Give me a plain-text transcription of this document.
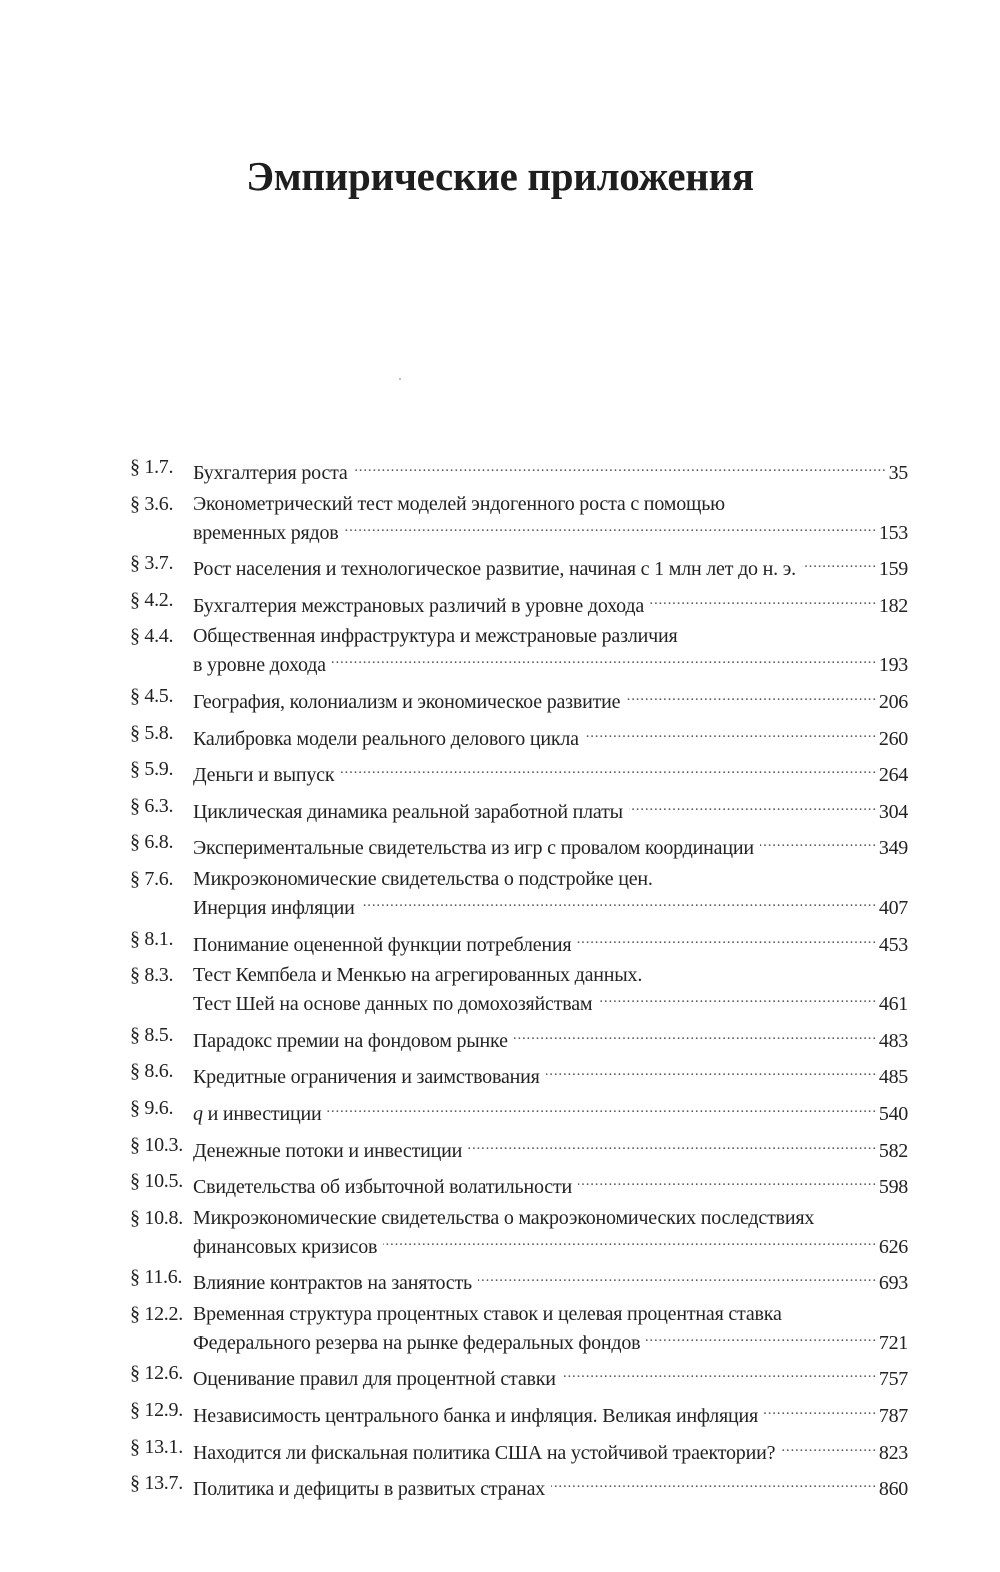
Эмпирические приложения
§ 1.7. Бухгалтерия роста .....	35
§ 3.6. Эконометрический тест моделей эндогенного роста с помощью
временных рядов .....	153
§ 3.7. Рост населения и технологическое развитие, начиная с 1 млн лет до н. э. .....	159
§ 4.2. Бухгалтерия межстрановых различий в уровне дохода .....	182
§ 4.4. Общественная инфраструктура и межстрановые различия
в уровне дохода .....	193
§ 4.5. География, колониализм и экономическое развитие .....	206
§ 5.8. Калибровка модели реального делового цикла .....	260
§ 5.9. Деньги и выпуск .....	264
§ 6.3. Циклическая динамика реальной заработной платы .....	304
§ 6.8. Экспериментальные свидетельства из игр с провалом координации .....	349
§ 7.6. Микроэкономические свидетельства о подстройке цен.
Инерция инфляции .....	407
§ 8.1. Понимание оцененной функции потребления .....	453
§ 8.3. Тест Кемпбела и Менкью на агрегированных данных.
Тест Шей на основе данных по домохозяйствам .....	461
§ 8.5. Парадокс премии на фондовом рынке .....	483
§ 8.6. Кредитные ограничения и заимствования .....	485
§ 9.6. q и инвестиции .....	540
§ 10.3. Денежные потоки и инвестиции .....	582
§ 10.5. Свидетельства об избыточной волатильности .....	598
§ 10.8. Микроэкономические свидетельства о макроэкономических последствиях
финансовых кризисов .....	626
§ 11.6. Влияние контрактов на занятость .....	693
§ 12.2. Временная структура процентных ставок и целевая процентная ставка
Федерального резерва на рынке федеральных фондов .....	721
§ 12.6. Оценивание правил для процентной ставки .....	757
§ 12.9. Независимость центрального банка и инфляция. Великая инфляция .....	787
§ 13.1. Находится ли фискальная политика США на устойчивой траектории? .....	823
§ 13.7. Политика и дефициты в развитых странах .....	860
